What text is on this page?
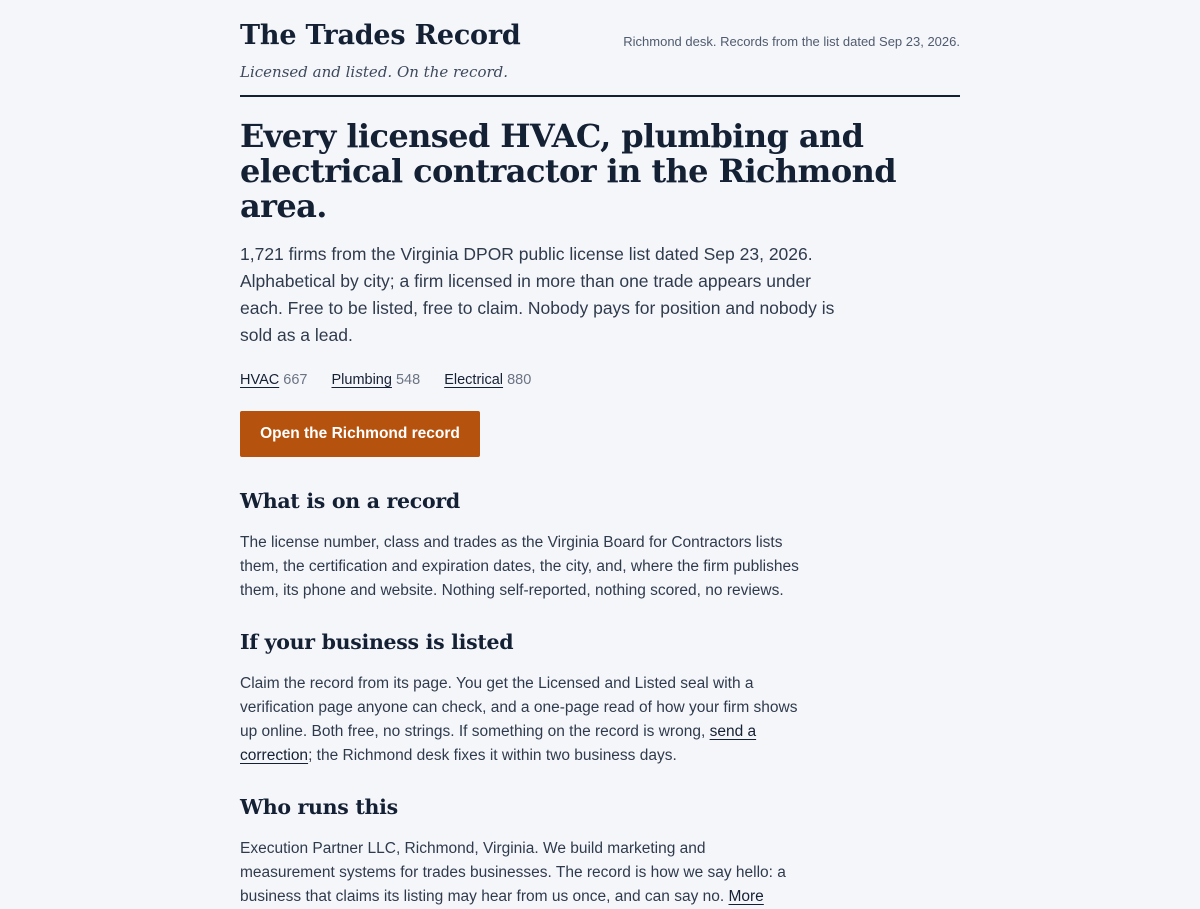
The Trades Record

Licensed and listed. On the record.

Richmond desk. Records from the list dated Sep 23, 2026.

Every licensed HVAC, plumbing and
electrical contractor in the Richmond area.

1,721 firms from the Virginia DPOR public license list dated Sep 23, 2026. Alphabetical by city; a firm licensed in more than one trade appears under each. Free to be listed, free to claim. Nobody pays for position and nobody is sold as a lead.

HVAC 667 Plumbing 548 Electrical 880
Open the Richmond record
What is on a record

The license number, class and trades as the Virginia Board for Contractors lists them, the certification and expiration dates, the city, and, where the firm publishes them, its phone and website. Nothing self-reported, nothing scored, no reviews.

If your business is listed

Claim the record from its page. You get the Licensed and Listed seal with a verification page anyone can check, and a one-page read of how your firm shows up online. Both free, no strings. If something on the record is wrong, send a correction; the Richmond desk fixes it within two business days.

Who runs this

Execution Partner LLC, Richmond, Virginia. We build marketing and measurement systems for trades businesses. The record is how we say hello: a business that claims its listing may hear from us once, and can say no. More
